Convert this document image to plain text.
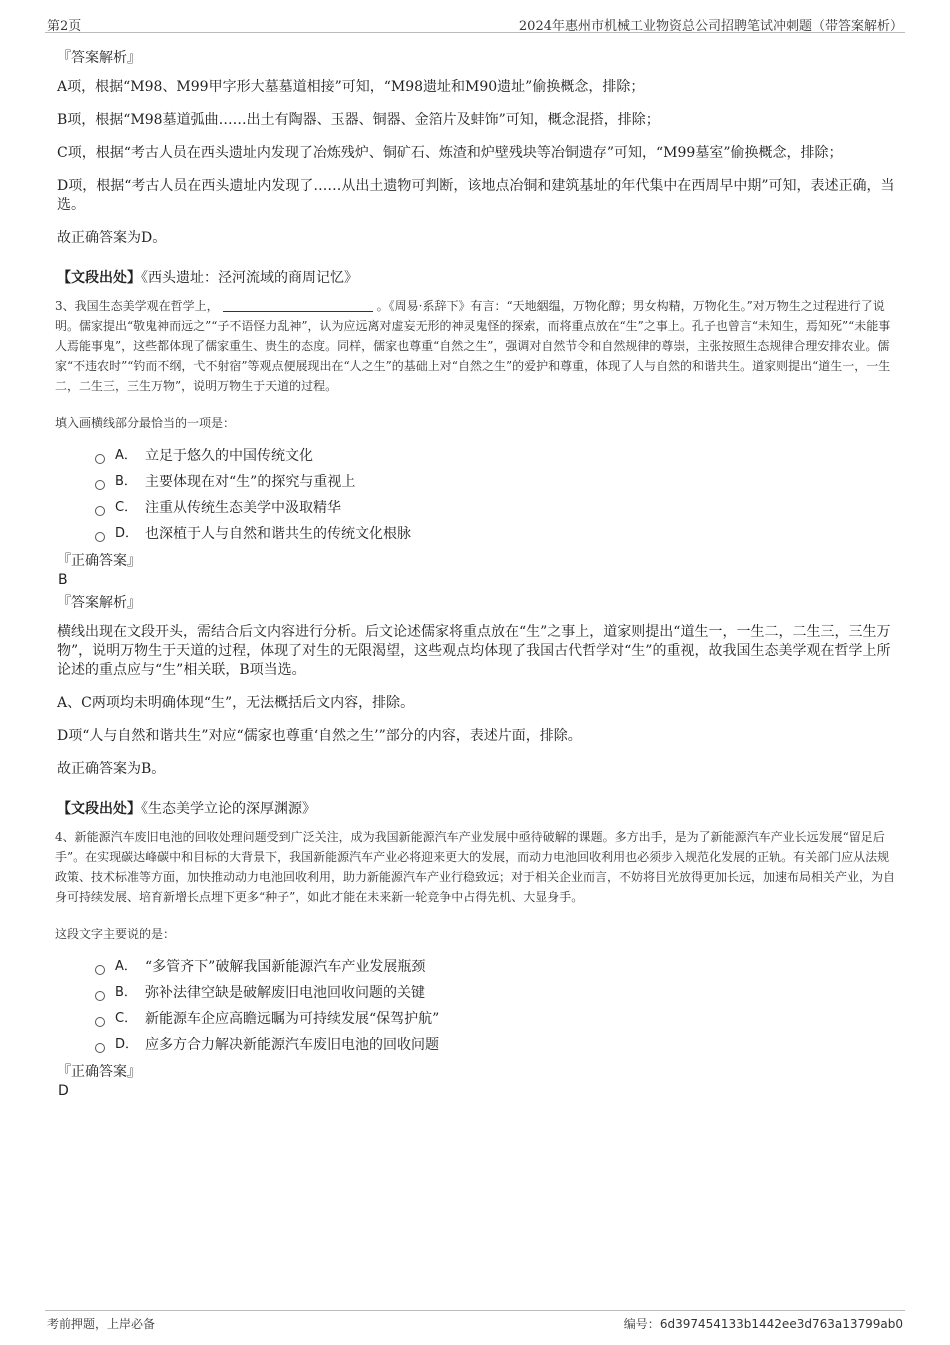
第2页	2024年惠州市机械工业物资总公司招聘笔试冲刺题（带答案解析）
『答案解析』
A项，根据“M98、M99甲字形大墓墓道相接”可知，“M98遗址和M90遗址”偷换概念，排除；
B项，根据“M98墓道弧曲……出土有陶器、玉器、铜器、金箔片及蚌饰”可知，概念混搭，排除；
C项，根据“考古人员在西头遗址内发现了冶炼残炉、铜矿石、炼渣和炉壁残块等冶铜遗存”可知，“M99墓室”偷换概念，排除；
D项，根据“考古人员在西头遗址内发现了……从出土遗物可判断，该地点冶铜和建筑基址的年代集中在西周早中期”可知，表述正确，当选。
故正确答案为D。
【文段出处】《西头遗址：泾河流域的商周记忆》
3、我国生态美学观在哲学上，	。《周易·系辞下》有言：“天地絪缊，万物化醇；男女构精，万物化生。”对万物生之过程进行了说明。儒家提出“敬鬼神而远之”“子不语怪力乱神”，认为应远离对虚妄无形的神灵鬼怪的探索，而将重点放在“生”之事上。孔子也曾言“未知生，焉知死”“未能事人焉能事鬼”，这些都体现了儒家重生、贵生的态度。同样，儒家也尊重“自然之生”，强调对自然节令和自然规律的尊崇，主张按照生态规律合理安排农业。儒家“不违农时”“钓而不纲，弋不射宿”等观点便展现出在“人之生”的基础上对“自然之生”的爱护和尊重，体现了人与自然的和谐共生。道家则提出“道生一，一生二，二生三，三生万物”，说明万物生于天道的过程。
填入画横线部分最恰当的一项是：
A． 立足于悠久的中国传统文化
B． 主要体现在对“生”的探究与重视上
C． 注重从传统生态美学中汲取精华
D． 也深植于人与自然和谐共生的传统文化根脉
『正确答案』
B
『答案解析』
横线出现在文段开头，需结合后文内容进行分析。后文论述儒家将重点放在“生”之事上，道家则提出“道生一，一生二，二生三，三生万物”，说明万物生于天道的过程，体现了对生的无限渴望，这些观点均体现了我国古代哲学对“生”的重视，故我国生态美学观在哲学上所论述的重点应与“生”相关联，B项当选。
A、C两项均未明确体现“生”，无法概括后文内容，排除。
D项“人与自然和谐共生”对应“儒家也尊重‘自然之生’”部分的内容，表述片面，排除。
故正确答案为B。
【文段出处】《生态美学立论的深厚渊源》
4、新能源汽车废旧电池的回收处理问题受到广泛关注，成为我国新能源汽车产业发展中亟待破解的课题。多方出手，是为了新能源汽车产业长远发展“留足后手”。在实现碳达峰碳中和目标的大背景下，我国新能源汽车产业必将迎来更大的发展，而动力电池回收利用也必须步入规范化发展的正轨。有关部门应从法规政策、技术标准等方面，加快推动动力电池回收利用，助力新能源汽车产业行稳致远；对于相关企业而言，不妨将目光放得更加长远，加速布局相关产业，为自身可持续发展、培育新增长点埋下更多“种子”，如此才能在未来新一轮竞争中占得先机、大显身手。
这段文字主要说的是：
A． “多管齐下”破解我国新能源汽车产业发展瓶颈
B． 弥补法律空缺是破解废旧电池回收问题的关键
C． 新能源车企应高瞻远瞩为可持续发展“保驾护航”
D． 应多方合力解决新能源汽车废旧电池的回收问题
『正确答案』
D
考前押题，上岸必备	编号：6d397454133b1442ee3d763a13799ab0
